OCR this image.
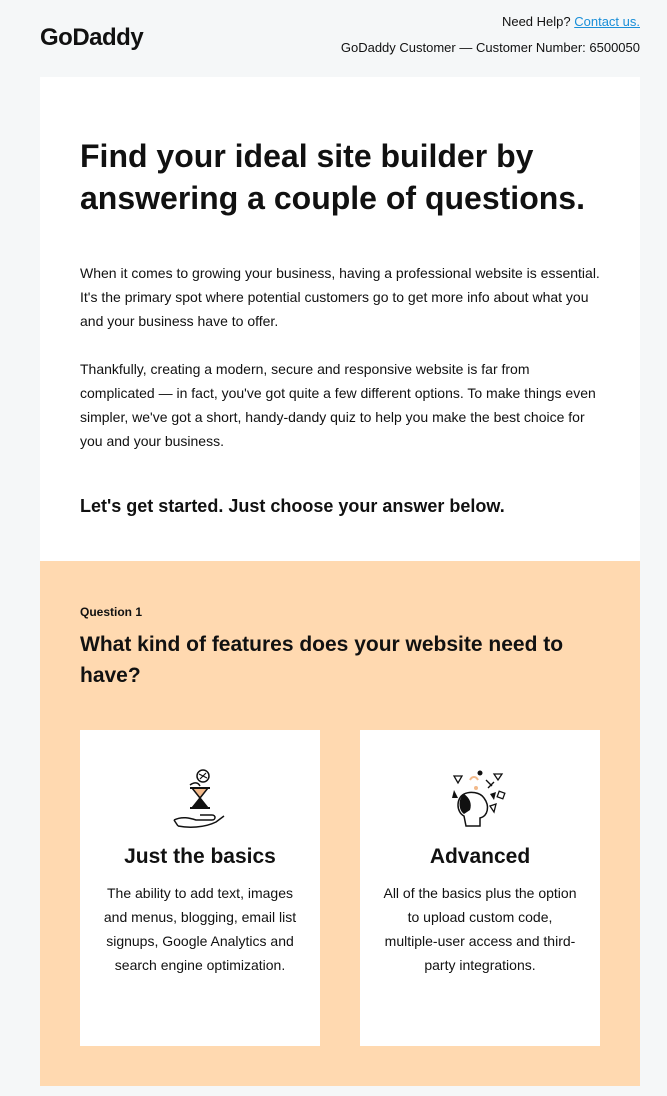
GoDaddy
Need Help? Contact us.
GoDaddy Customer — Customer Number: 6500050
Find your ideal site builder by answering a couple of questions.

When it comes to growing your business, having a professional website is essential. It's the primary spot where potential customers go to get more info about what you and your business have to offer.

Thankfully, creating a modern, secure and responsive website is far from complicated — in fact, you've got quite a few different options. To make things even simpler, we've got a short, handy-dandy quiz to help you make the best choice for you and your business.

Let's get started. Just choose your answer below.

Question 1
What kind of features does your website need to have?
Just the basics
The ability to add text, images and menus, blogging, email list signups, Google Analytics and search engine optimization.
Advanced
All of the basics plus the option to upload custom code, multiple-user access and third-party integrations.
